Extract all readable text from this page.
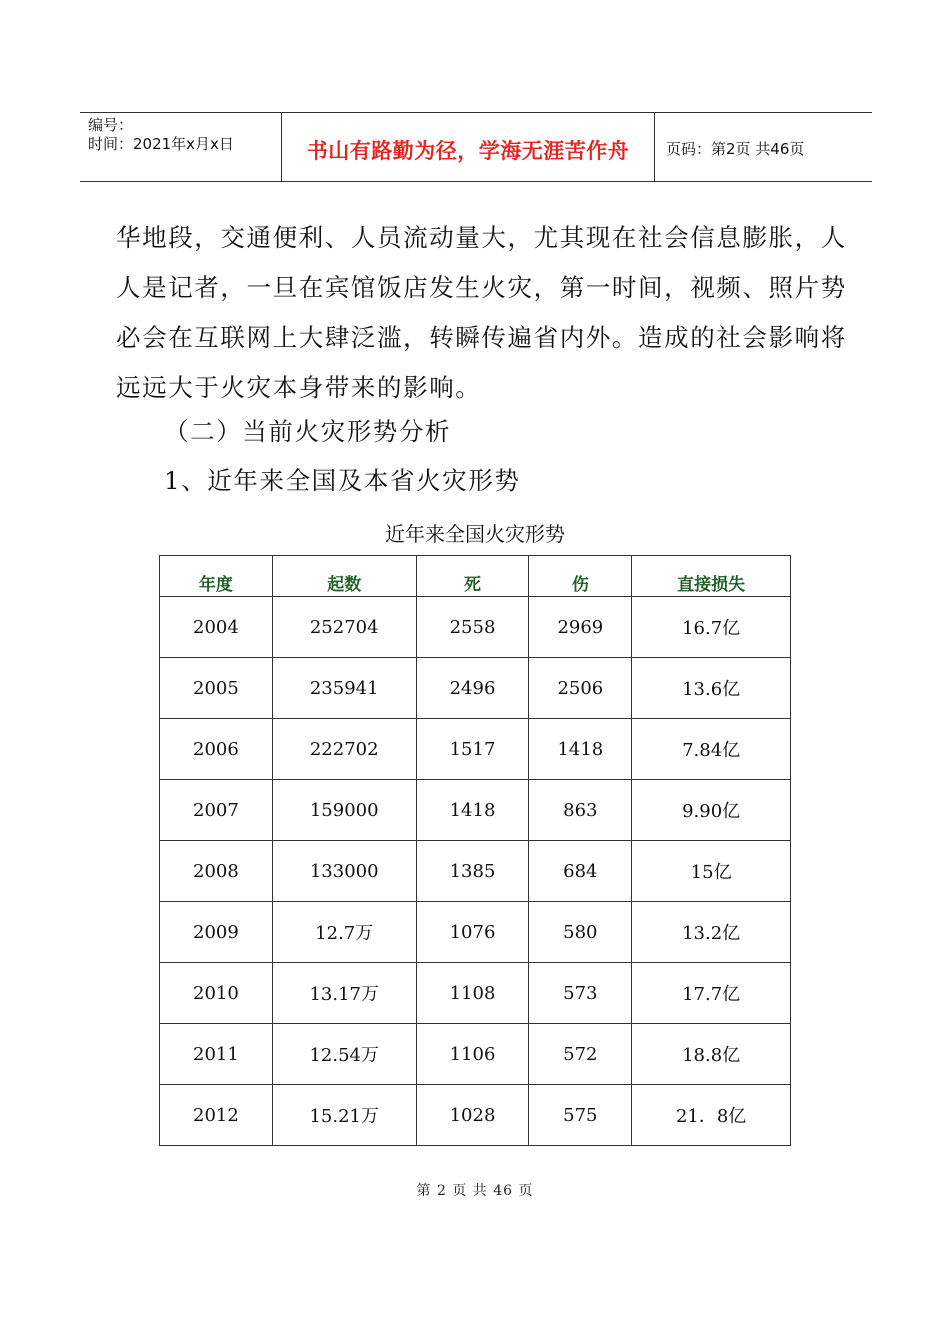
编号：
时间：2021年x月x日	书山有路勤为径，学海无涯苦作舟	页码：第2页 共46页
华地段，交通便利、人员流动量大，尤其现在社会信息膨胀，人
人是记者，一旦在宾馆饭店发生火灾，第一时间，视频、照片势
必会在互联网上大肆泛滥，转瞬传遍省内外。造成的社会影响将
远远大于火灾本身带来的影响。
（二）当前火灾形势分析
1、近年来全国及本省火灾形势
近年来全国火灾形势
年度	起数	死	伤	直接损失
2004	252704	2558	2969	16.7亿
2005	235941	2496	2506	13.6亿
2006	222702	1517	1418	7.84亿
2007	159000	1418	863	9.90亿
2008	133000	1385	684	15亿
2009	12.7万	1076	580	13.2亿
2010	13.17万	1108	573	17.7亿
2011	12.54万	1106	572	18.8亿
2012	15.21万	1028	575	21．8亿
第 2 页 共 46 页
